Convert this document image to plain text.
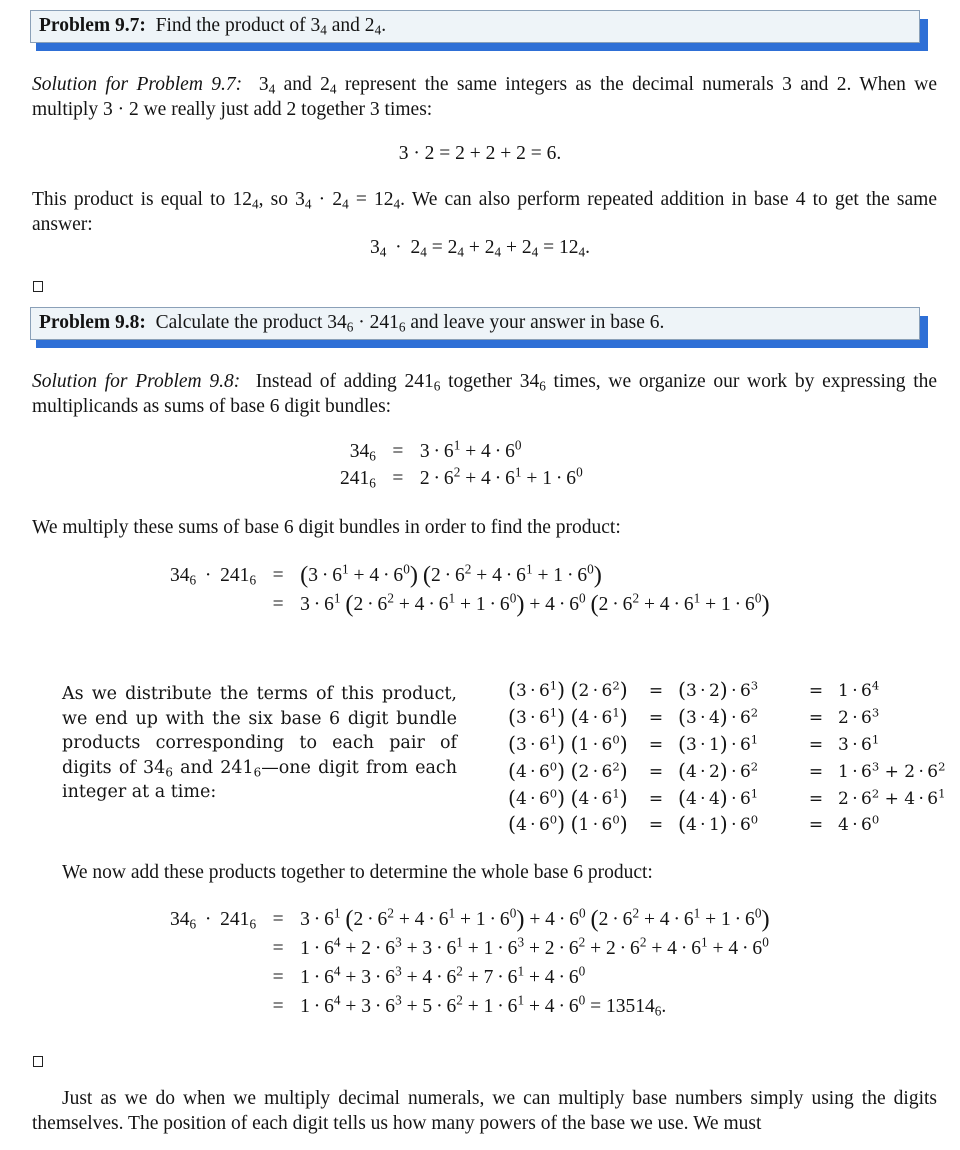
Problem 9.7: Find the product of $3_4$ and $2_4$.
Solution for Problem 9.7: $3_4$ and $2_4$ represent the same integers as the decimal numerals 3 and 2. When we multiply 3 · 2 we really just add 2 together 3 times:
3 · 2 = 2 + 2 + 2 = 6.
This product is equal to $12_4$, so $3_4 \cdot 2_4 = 12_4$. We can also perform repeated addition in base 4 to get the same answer:
$3_4 \cdot 2_4 = 2_4 + 2_4 + 2_4 = 12_4$.
Problem 9.8: Calculate the product $34_6 \cdot 241_6$ and leave your answer in base 6.
Solution for Problem 9.8: Instead of adding $241_6$ together $34_6$ times, we organize our work by expressing the multiplicands as sums of base 6 digit bundles:
$34_6$	=	$3 \cdot 6^1 + 4 \cdot 6^0$
$241_6$	=	$2 \cdot 6^2 + 4 \cdot 6^1 + 1 \cdot 6^0$
We multiply these sums of base 6 digit bundles in order to find the product:
$34_6 \cdot 241_6$	=	$(3 \cdot 6^1 + 4 \cdot 6^0)$ $(2 \cdot 6^2 + 4 \cdot 6^1 + 1 \cdot 6^0)$
	=	$3 \cdot 6^1$ $(2 \cdot 6^2 + 4 \cdot 6^1 + 1 \cdot 6^0) + 4 \cdot 6^0$ $(2 \cdot 6^2 + 4 \cdot 6^1 + 1 \cdot 6^0)$
As we distribute the terms of this product, we end up with the six base 6 digit bundle products corresponding to each pair of digits of $34_6$ and $241_6—one$ digit from each integer at a time:
$(3 \cdot 6^1)$ $(2 \cdot 6^2)$	=	$(3 \cdot 2) \cdot 6^3$	=	$1 \cdot 6^4$
$(3 \cdot 6^1)$ $(4 \cdot 6^1)$	=	$(3 \cdot 4) \cdot 6^2$	=	$2 \cdot 6^3$
$(3 \cdot 6^1)$ $(1 \cdot 6^0)$	=	$(3 \cdot 1) \cdot 6^1$	=	$3 \cdot 6^1$
$(4 \cdot 6^0)$ $(2 \cdot 6^2)$	=	$(4 \cdot 2) \cdot 6^2$	=	$1 \cdot 6^3 + 2 \cdot 6^2$
$(4 \cdot 6^0)$ $(4 \cdot 6^1)$	=	$(4 \cdot 4) \cdot 6^1$	=	$2 \cdot 6^2 + 4 \cdot 6^1$
$(4 \cdot 6^0)$ $(1 \cdot 6^0)$	=	$(4 \cdot 1) \cdot 6^0$	=	$4 \cdot 6^0$
We now add these products together to determine the whole base 6 product:
$34_6 \cdot 241_6$	=	$3 \cdot 6^1$ $(2 \cdot 6^2 + 4 \cdot 6^1 + 1 \cdot 6^0) + 4 \cdot 6^0$ $(2 \cdot 6^2 + 4 \cdot 6^1 + 1 \cdot 6^0)$
	=	$1 \cdot 6^4 + 2 \cdot 6^3 + 3 \cdot 6^1 + 1 \cdot 6^3 + 2 \cdot 6^2 + 2 \cdot 6^2 + 4 \cdot 6^1 + 4 \cdot 6^0$
	=	$1 \cdot 6^4 + 3 \cdot 6^3 + 4 \cdot 6^2 + 7 \cdot 6^1 + 4 \cdot 6^0$
	=	$1 \cdot 6^4 + 3 \cdot 6^3 + 5 \cdot 6^2 + 1 \cdot 6^1 + 4 \cdot 6^0 = 13514_6$.
Just as we do when we multiply decimal numerals, we can multiply base numbers simply using the digits themselves. The position of each digit tells us how many powers of the base we use. We must
